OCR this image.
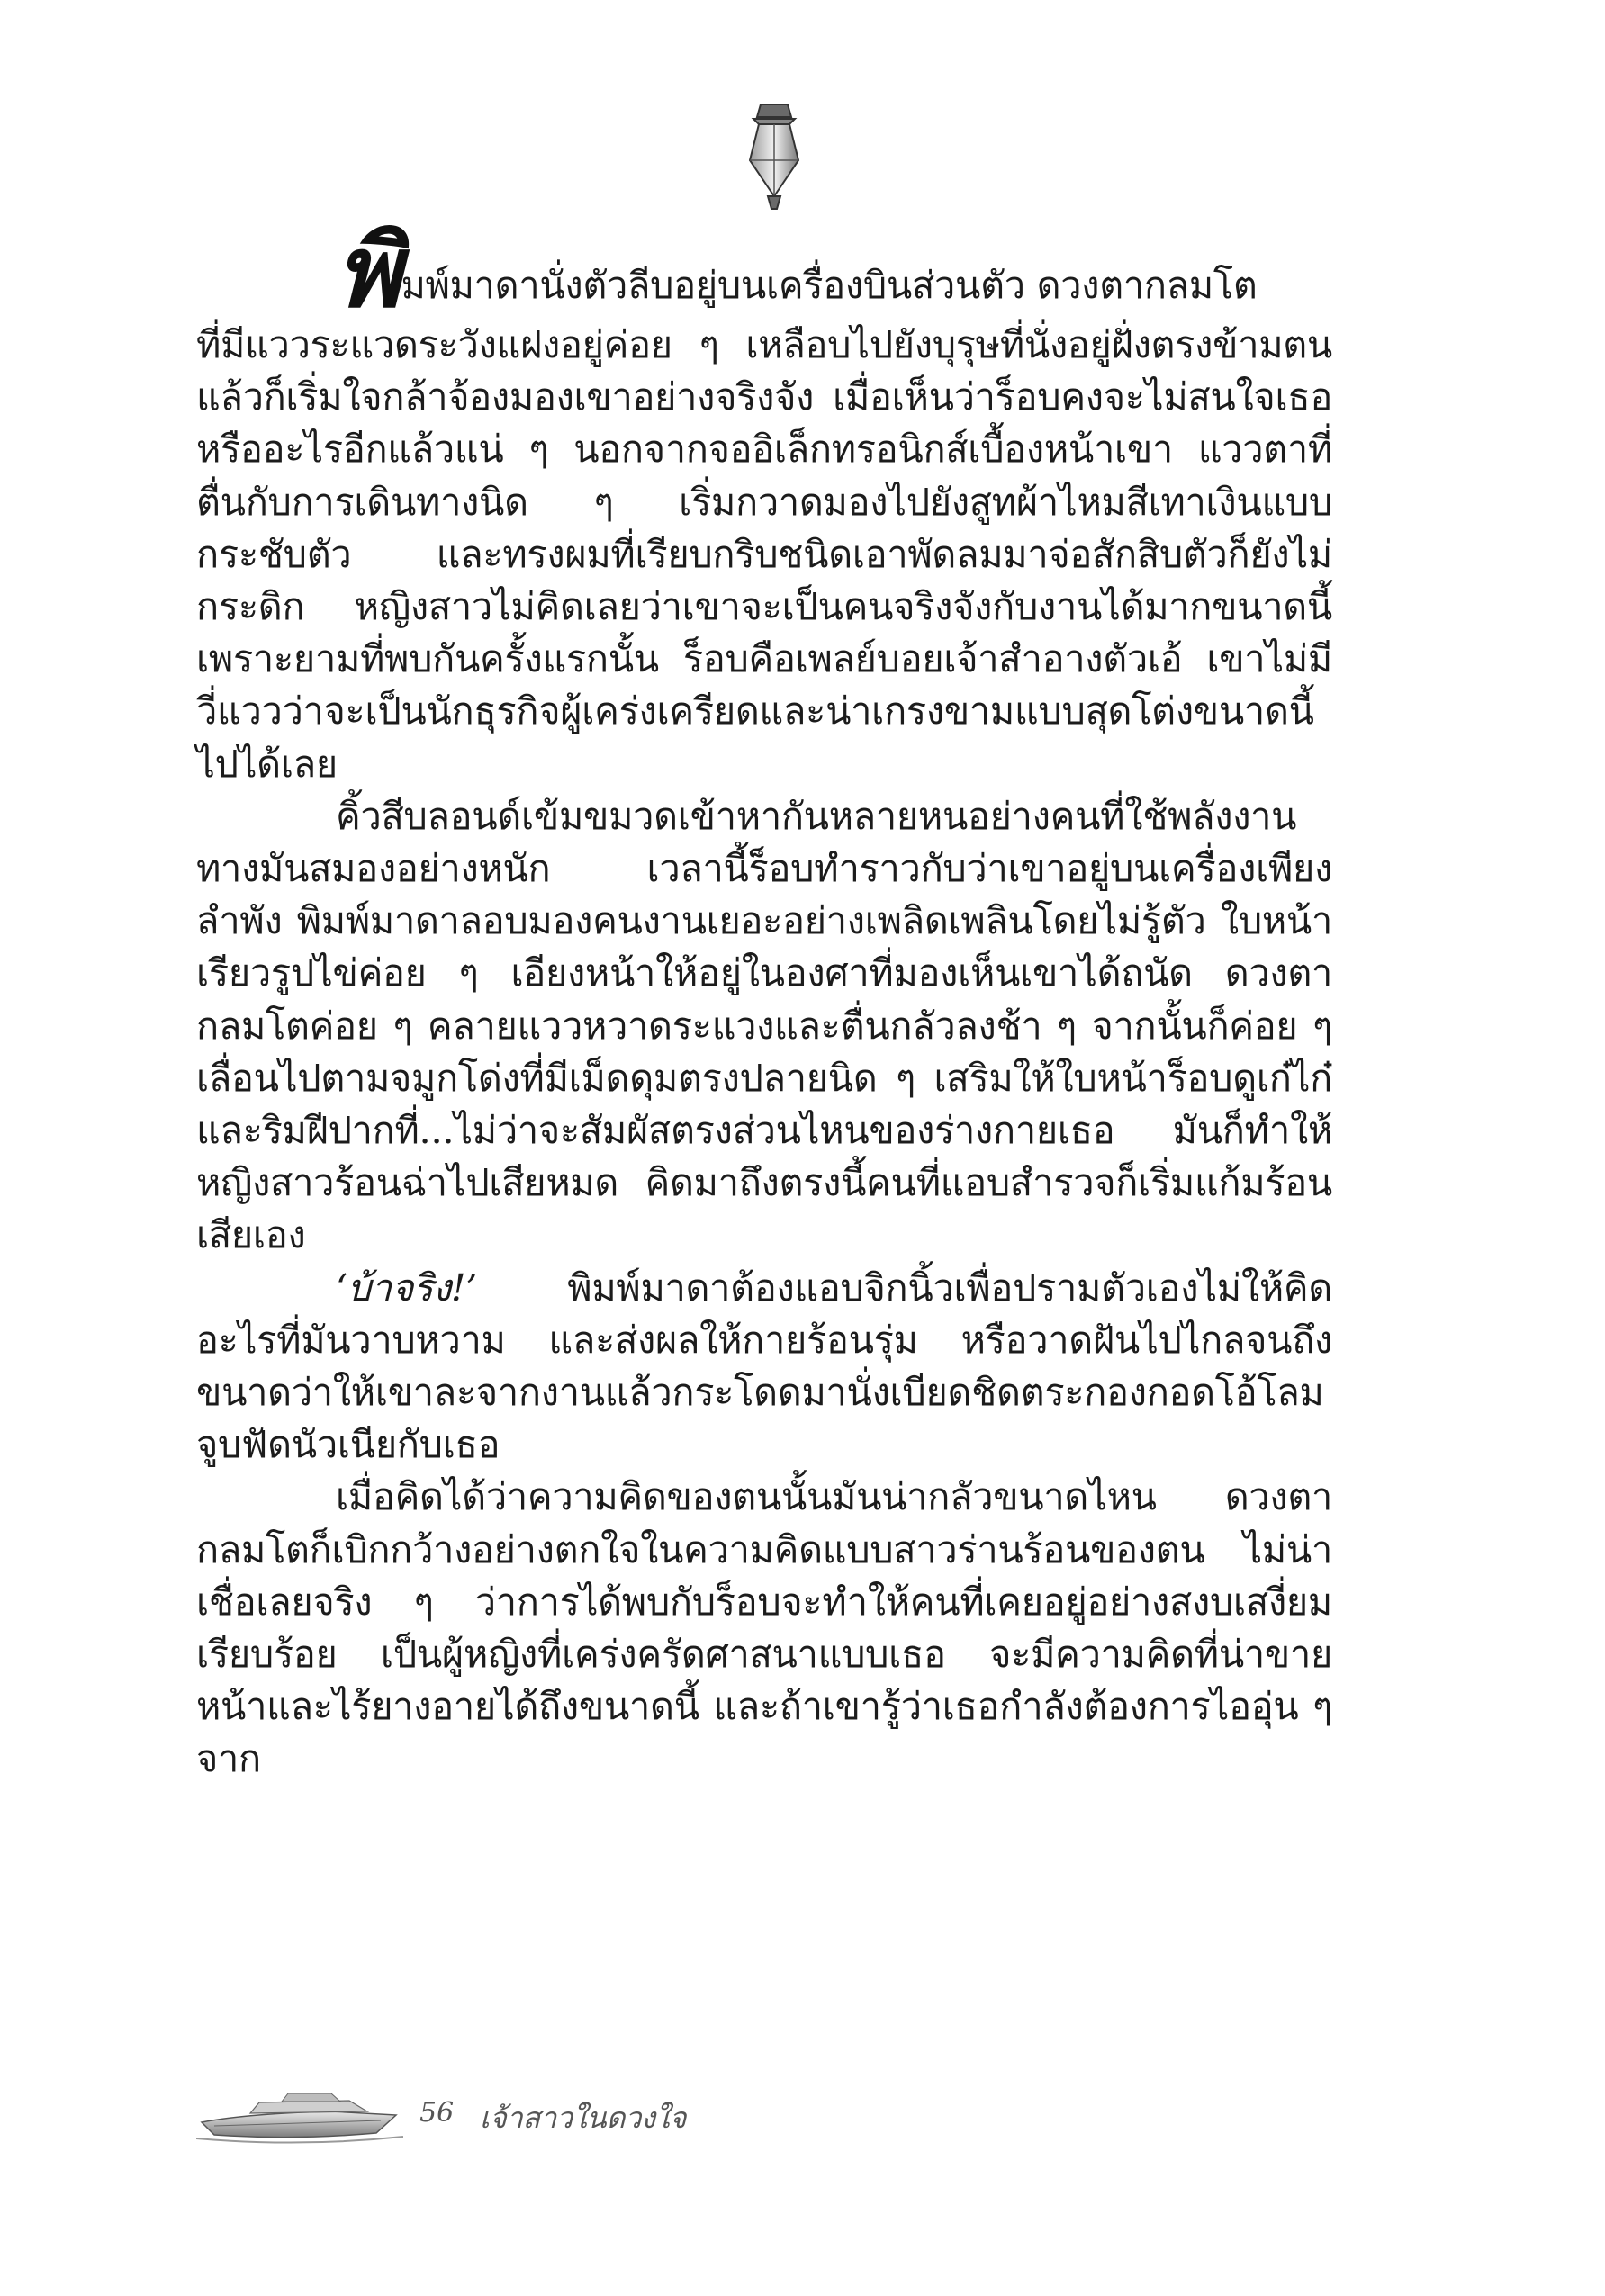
พิ มพ์มาดานั่งตัวลีบอยู่บนเครื่องบินส่วนตัว ดวงตากลมโต

ที่มีแววระแวดระวังแฝงอยู่ค่อย ๆ เหลือบไปยังบุรุษที่นั่งอยู่ฝั่งตรงข้ามตน แล้วก็เริ่มใจกล้าจ้องมองเขาอย่างจริงจัง เมื่อเห็นว่าร็อบคงจะไม่สนใจเธอหรืออะไรอีกแล้วแน่ ๆ นอกจากจออิเล็กทรอนิกส์เบื้องหน้าเขา แววตาที่ตื่นกับการเดินทางนิด ๆ เริ่มกวาดมองไปยังสูทผ้าไหมสีเทาเงินแบบกระชับตัว และทรงผมที่เรียบกริบชนิดเอาพัดลมมาจ่อสักสิบตัวก็ยังไม่กระดิก หญิงสาวไม่คิดเลยว่าเขาจะเป็นคนจริงจังกับงานได้มากขนาดนี้ เพราะยามที่พบกันครั้งแรกนั้น ร็อบคือเพลย์บอยเจ้าสำอางตัวเอ้ เขาไม่มีวี่แววว่าจะเป็นนักธุรกิจผู้เคร่งเครียดและน่าเกรงขามแบบสุดโต่งขนาดนี้ไปได้เลย

คิ้วสีบลอนด์เข้มขมวดเข้าหากันหลายหนอย่างคนที่ใช้พลังงานทางมันสมองอย่างหนัก เวลานี้ร็อบทำราวกับว่าเขาอยู่บนเครื่องเพียงลำพัง พิมพ์มาดาลอบมองคนงานเยอะอย่างเพลิดเพลินโดยไม่รู้ตัว ใบหน้าเรียวรูปไข่ค่อย ๆ เอียงหน้าให้อยู่ในองศาที่มองเห็นเขาได้ถนัด ดวงตากลมโตค่อย ๆ คลายแววหวาดระแวงและตื่นกลัวลงช้า ๆ จากนั้นก็ค่อย ๆ เลื่อนไปตามจมูกโด่งที่มีเม็ดดุมตรงปลายนิด ๆ เสริมให้ใบหน้าร็อบดูเก๋ไก๋ และริมฝีปากที่...ไม่ว่าจะสัมผัสตรงส่วนไหนของร่างกายเธอ มันก็ทำให้หญิงสาวร้อนฉ่าไปเสียหมด คิดมาถึงตรงนี้คนที่แอบสำรวจก็เริ่มแก้มร้อนเสียเอง

‘บ้าจริง!’ พิมพ์มาดาต้องแอบจิกนิ้วเพื่อปรามตัวเองไม่ให้คิดอะไรที่มันวาบหวาม และส่งผลให้กายร้อนรุ่ม หรือวาดฝันไปไกลจนถึงขนาดว่าให้เขาละจากงานแล้วกระโดดมานั่งเบียดชิดตระกองกอดโอ้โลมจูบฟัดนัวเนียกับเธอ

เมื่อคิดได้ว่าความคิดของตนนั้นมันน่ากลัวขนาดไหน ดวงตากลมโตก็เบิกกว้างอย่างตกใจในความคิดแบบสาวร่านร้อนของตน ไม่น่าเชื่อเลยจริง ๆ ว่าการได้พบกับร็อบจะทำให้คนที่เคยอยู่อย่างสงบเสงี่ยมเรียบร้อย เป็นผู้หญิงที่เคร่งครัดศาสนาแบบเธอ จะมีความคิดที่น่าขายหน้าและไร้ยางอายได้ถึงขนาดนี้ และถ้าเขารู้ว่าเธอกำลังต้องการไออุ่น ๆ จาก

56 เจ้าสาวในดวงใจ
